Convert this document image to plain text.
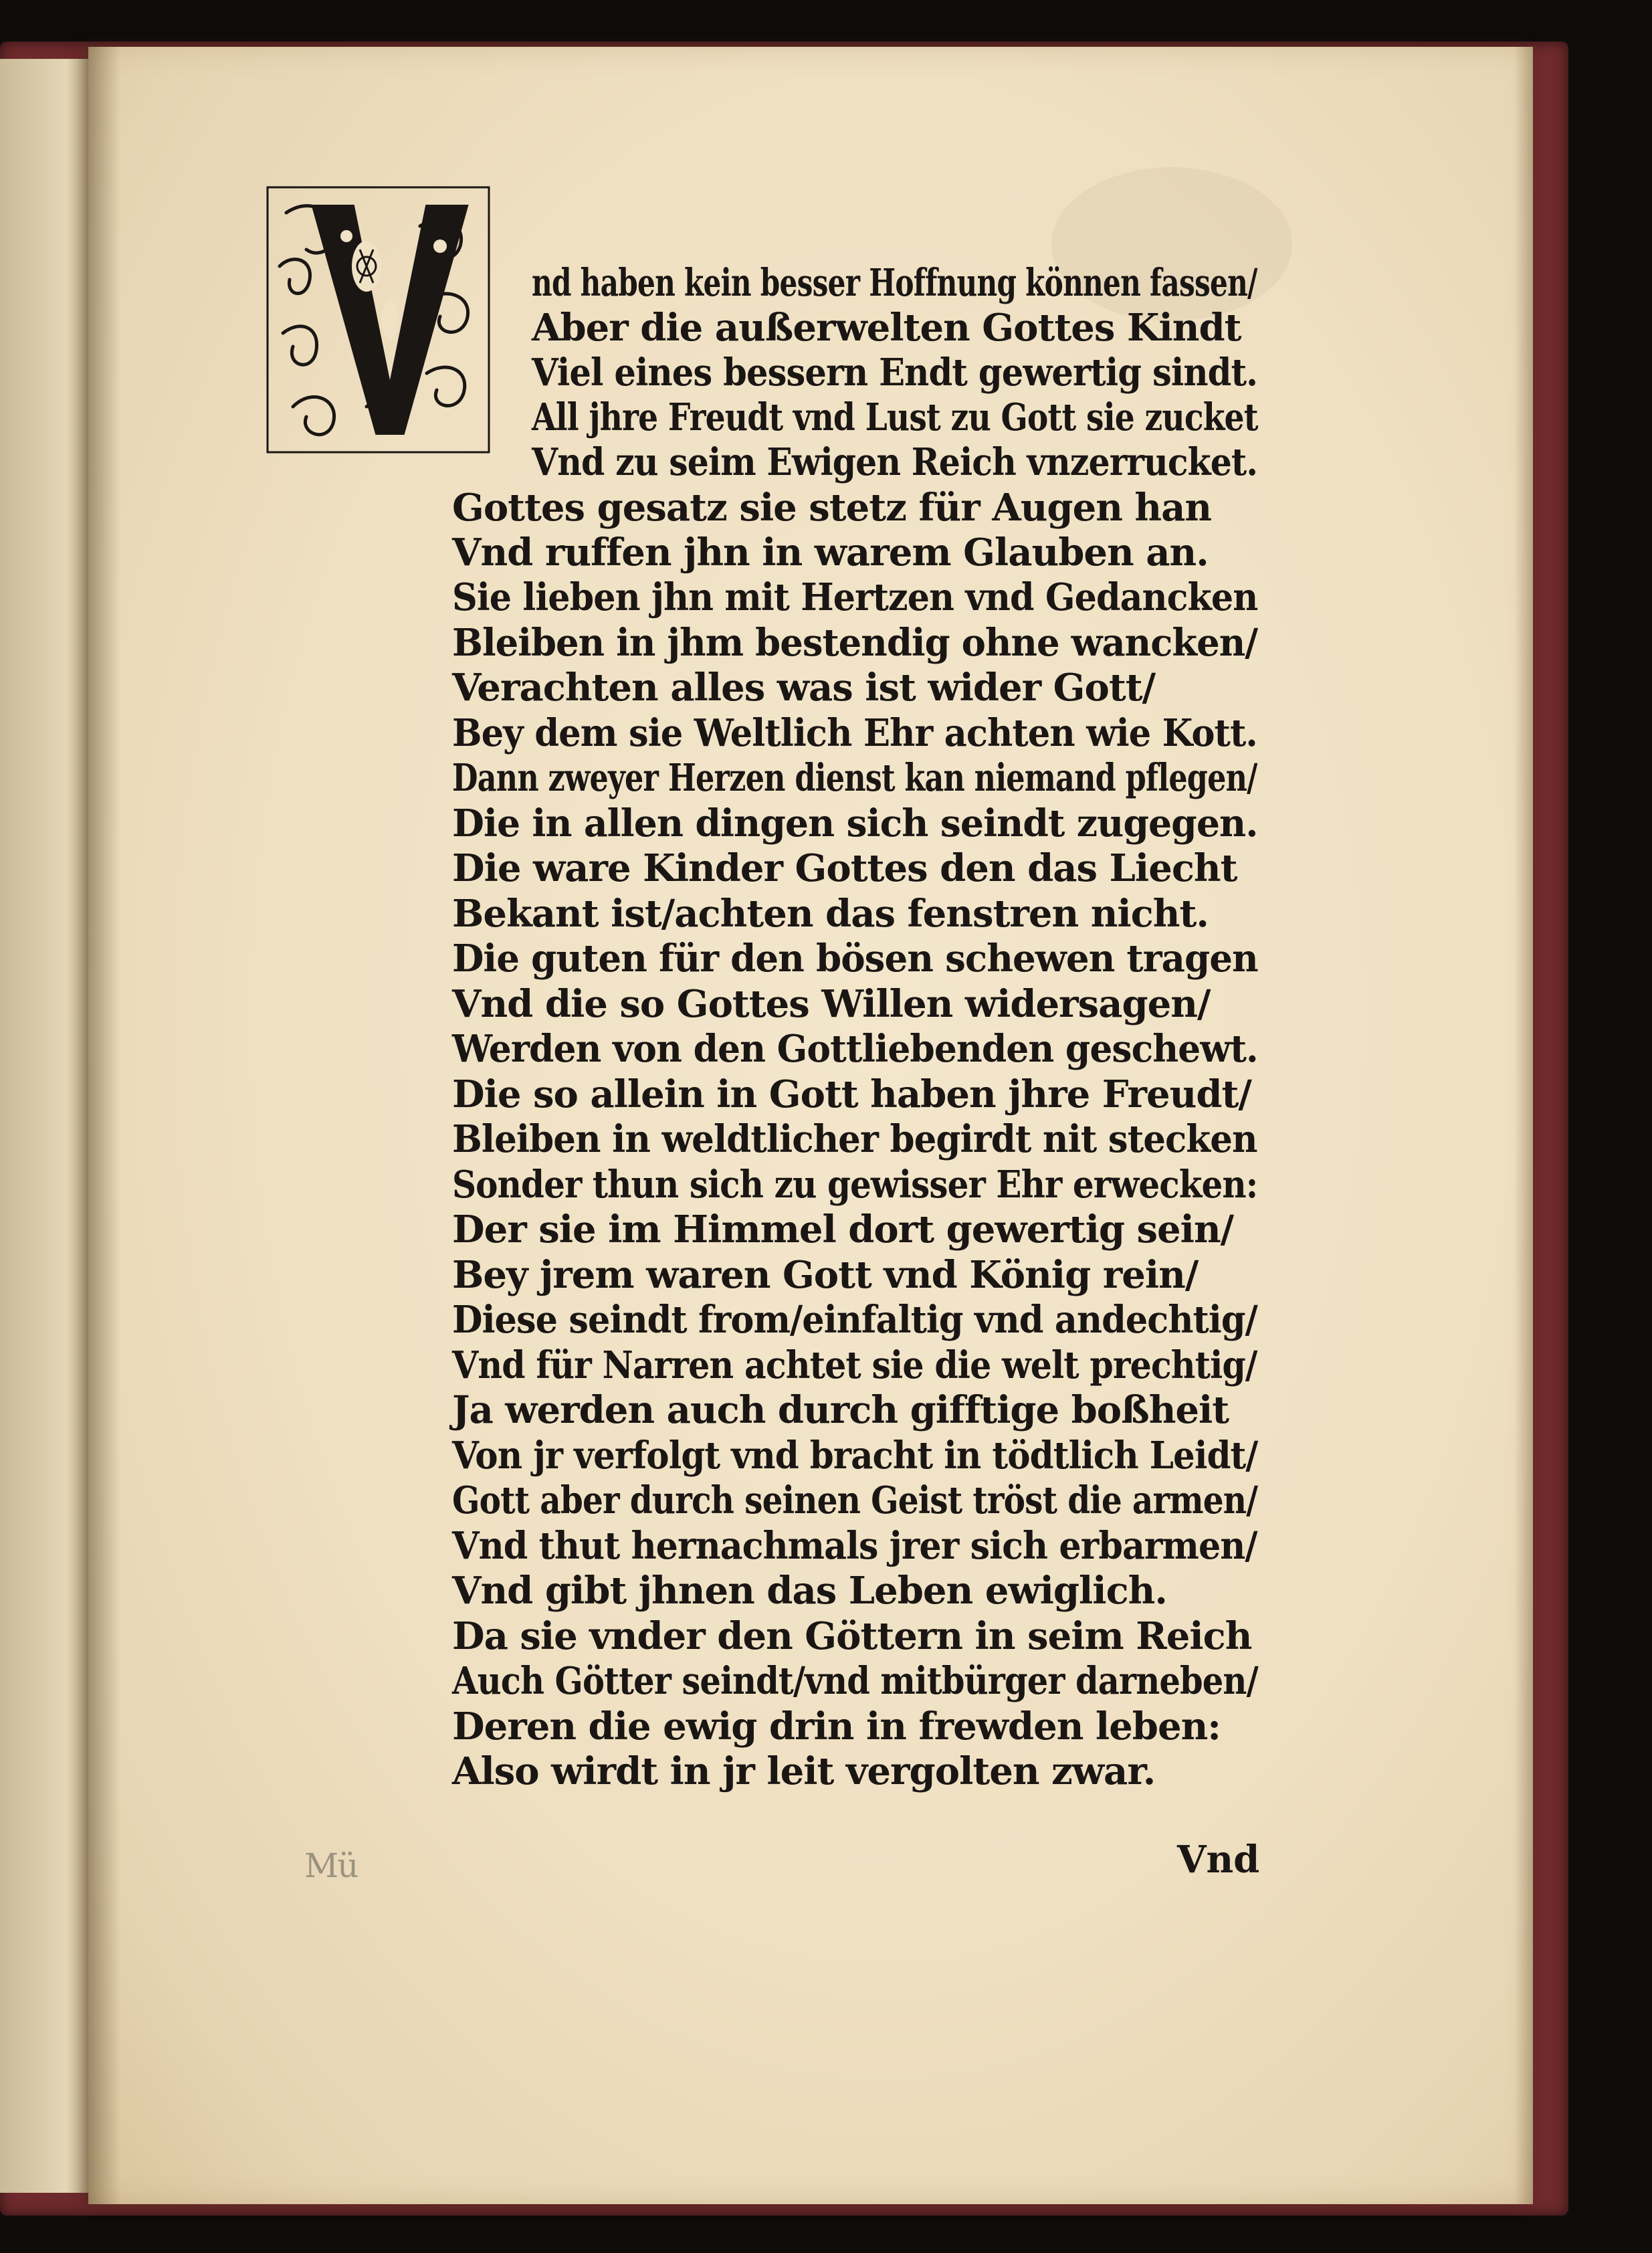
nd haben kein besser Hoffnung können fassen/
Aber die außerwelten Gottes Kindt
Viel eines bessern Endt gewertig sindt.
All jhre Freudt vnd Lust zu Gott sie zucket
Vnd zu seim Ewigen Reich vnzerrucket.
Gottes gesatz sie stetz für Augen han
Vnd ruffen jhn in warem Glauben an.
Sie lieben jhn mit Hertzen vnd Gedancken
Bleiben in jhm bestendig ohne wancken/
Verachten alles was ist wider Gott/
Bey dem sie Weltlich Ehr achten wie Kott.
Dann zweyer Herzen dienst kan niemand pflegen/
Die in allen dingen sich seindt zugegen.
Die ware Kinder Gottes den das Liecht
Bekant ist/achten das fenstren nicht.
Die guten für den bösen schewen tragen
Vnd die so Gottes Willen widersagen/
Werden von den Gottliebenden geschewt.
Die so allein in Gott haben jhre Freudt/
Bleiben in weldtlicher begirdt nit stecken
Sonder thun sich zu gewisser Ehr erwecken:
Der sie im Himmel dort gewertig sein/
Bey jrem waren Gott vnd König rein/
Diese seindt from/einfaltig vnd andechtig/
Vnd für Narren achtet sie die welt prechtig/
Ja werden auch durch gifftige boßheit
Von jr verfolgt vnd bracht in tödtlich Leidt/
Gott aber durch seinen Geist tröst die armen/
Vnd thut hernachmals jrer sich erbarmen/
Vnd gibt jhnen das Leben ewiglich.
Da sie vnder den Göttern in seim Reich
Auch Götter seindt/vnd mitbürger darneben/
Deren die ewig drin in frewden leben:
Also wirdt in jr leit vergolten zwar.
Vnd
Mü
